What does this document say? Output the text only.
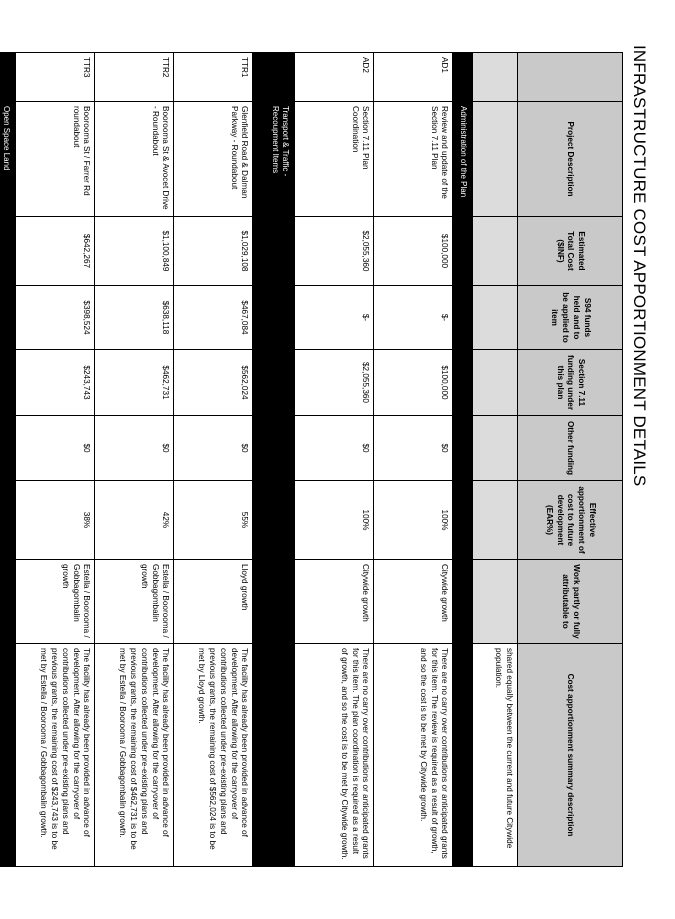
INFRASTRUCTURE COST APPORTIONMENT DETAILS
	Project Description	Estimated Total Cost ($INF)	S94 funds held and to be applied to item	Section 7.11 funding under this plan	Other funding	Effective apportionment of cost to future development (EAR%)	Work partly or fully attributable to	Cost apportionment summary description
								shared equally between the current and future Citywide population.
	Administration of the Plan							
AD1	Review and update of the Section 7.11 Plan	$100,000	$-	$100,000	$0	100%	Citywide growth	There are no carry over contributions or anticipated grants for this item. The review is required as a result of growth, and so the cost is to be met by Citywide growth.
AD2	Section 7.11 Plan Coordination	$2,055,360	$-	$2,055,360	$0	100%	Citywide growth	There are no carry over contributions or anticipated grants for this item. The plan coordination is required as a result of growth, and so the cost is to be met by Citywide growth.
	Transport & Traffic - Recoupment Items							
TTR1	Glenfield Road & Dalman Parkway - Roundabout	$1,029,108	$467,084	$562,024	$0	55%	Lloyd growth	The facility has already been provided in advance of development. After allowing for the carryover of contributions collected under pre-existing plans and previous grants, the remaining cost of $562,024 is to be met by Lloyd growth.
TTR2	Boorooma St & Avocet Drive - Roundabout	$1,100,849	$638,118	$462,731	$0	42%	Estella / Boorooma / Gobbagombalin growth	The facility has already been provided in advance of development. After allowing for the carryover of contributions collected under pre-existing plans and previous grants, the remaining cost of $462,731 is to be met by Estella / Boorooma / Gobbagombalin growth.
TTR3	Boorooma St / Farrer Rd roundabout	$642,267	$398,524	$243,743	$0	38%	Estella / Boorooma / Gobbagombalin growth	The facility has already been provided in advance of development. After allowing for the carryover of contributions collected under pre-existing plans and previous grants, the remaining cost of $243,743 is to be met by Estella / Boorooma / Gobbagombalin growth.
	Open Space Land							
